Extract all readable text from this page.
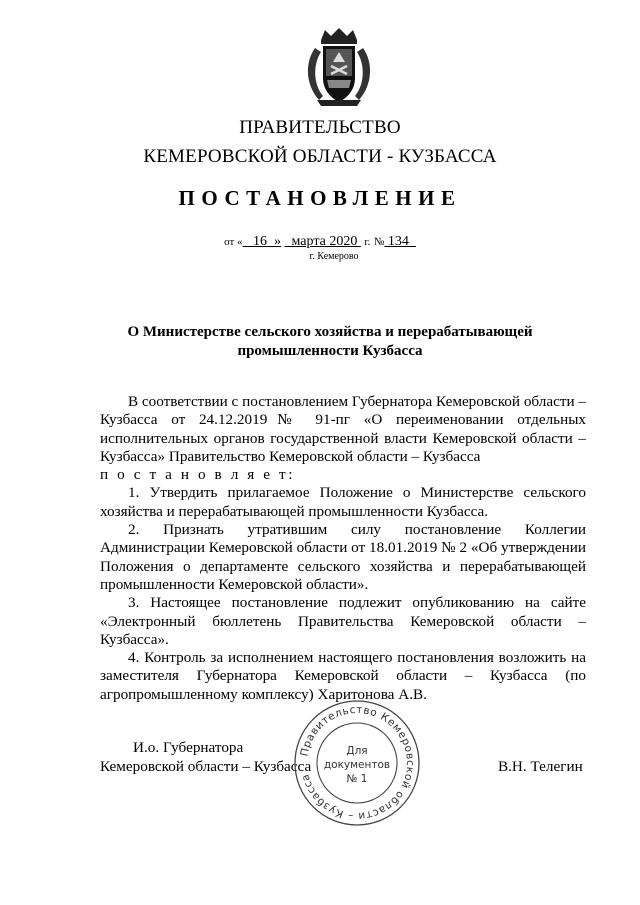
ПРАВИТЕЛЬСТВО
КЕМЕРОВСКОЙ ОБЛАСТИ - КУЗБАССА
ПОСТАНОВЛЕНИЕ
от « 16 » марта 2020 г. № 134
г. Кемерово
О Министерстве сельского хозяйства и перерабатывающей
промышленности Кузбасса

В соответствии с постановлением Губернатора Кемеровской области – Кузбасса от 24.12.2019№ 91-пг «О переименовании отдельных исполнительных органов государственной власти Кемеровской области – Кузбасса» Правительство Кемеровской области – Кузбасса

п о с т а н о в л я е т:

1. Утвердить прилагаемое Положение о Министерстве сельского хозяйства и перерабатывающей промышленности Кузбасса.

2. Признать утратившим силу постановление Коллегии Администрации Кемеровской области от 18.01.2019 № 2 «Об утверждении Положения о департаменте сельского хозяйства и перерабатывающей промышленности Кемеровской области».

3. Настоящее постановление подлежит опубликованию на сайте «Электронный бюллетень Правительства Кемеровской области – Кузбасса».

4. Контроль за исполнением настоящего постановления возложить на заместителя Губернатора Кемеровской области – Кузбасса (по агропромышленному комплексу) Харитонова А.В.

И.о. Губернатора
Кемеровской области – Кузбасса	В.Н. Телегин
Правительство Кемеровской области – Кузбасса
Для
документов
№ 1
